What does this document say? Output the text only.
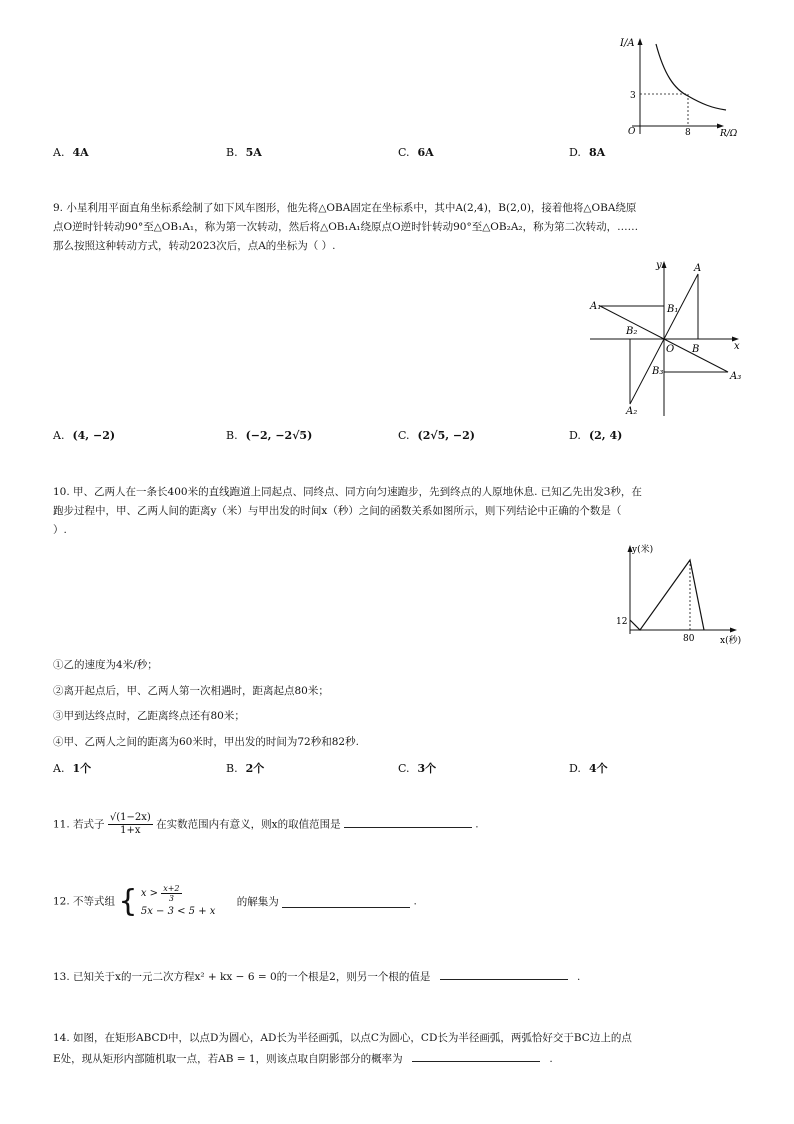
I/A
3
O	8	R/Ω
A. 4A	B. 5A	C. 6A	D. 8A
9. 小星利用平面直角坐标系绘制了如下风车图形，他先将△OBA固定在坐标系中，其中A(2,4)，B(2,0)，接着他将△OBA绕原
点O逆时针转动90°至△OB₁A₁，称为第一次转动，然后将△OB₁A₁绕原点O逆时针转动90°至△OB₂A₂，称为第二次转动，……
那么按照这种转动方式，转动2023次后，点A的坐标为（ ）.
y
x
O
A
B
A₁	B₁
A₂
B₂
A₃
B₃
A. (4, −2)	B. (−2, −2√5)	C. (2√5, −2)	D. (2, 4)
10. 甲、乙两人在一条长400米的直线跑道上同起点、同终点、同方向匀速跑步，先到终点的人原地休息. 已知乙先出发3秒，在
跑步过程中，甲、乙两人间的距离y（米）与甲出发的时间x（秒）之间的函数关系如图所示，则下列结论中正确的个数是（
）.
y(米)
12
80	x(秒)
①乙的速度为4米/秒；
②离开起点后，甲、乙两人第一次相遇时，距离起点80米；
③甲到达终点时，乙距离终点还有80米；
④甲、乙两人之间的距离为60米时，甲出发的时间为72秒和82秒.
A. 1个	B. 2个	C. 3个	D. 4个
11. 若式子 $\frac{√(1-2x)}{1+x}$ 在实数范围内有意义，则x的取值范围是	.
12. 不等式组 { $x > \frac{x+2}{3}$
5x − 3 < 5 + x
的解集为	.
13. 已知关于x的一元二次方程x² + kx − 6 = 0的一个根是2，则另一个根的值是	.
14. 如图，在矩形ABCD中，以点D为圆心，AD长为半径画弧，以点C为圆心，CD长为半径画弧，两弧恰好交于BC边上的点
E处，现从矩形内部随机取一点，若AB = 1，则该点取自阴影部分的概率为	.
